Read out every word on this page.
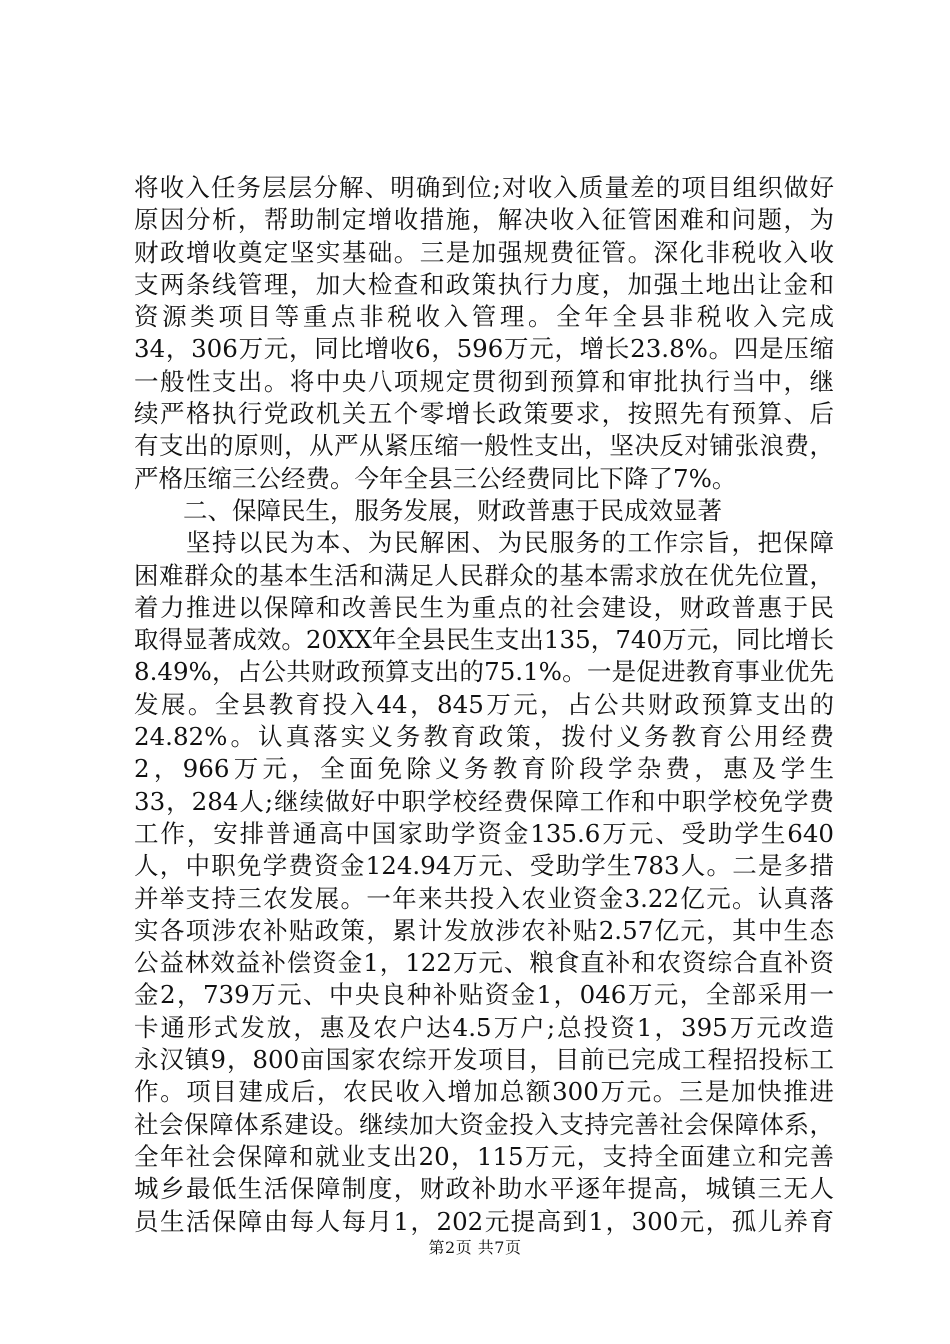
将收入任务层层分解、明确到位;对收入质量差的项目组织做好
原因分析，帮助制定增收措施，解决收入征管困难和问题，为
财政增收奠定坚实基础。三是加强规费征管。深化非税收入收
支两条线管理，加大检查和政策执行力度，加强土地出让金和
资源类项目等重点非税收入管理。全年全县非税收入完成
34，306万元，同比增收6，596万元，增长23.8%。四是压缩
一般性支出。将中央八项规定贯彻到预算和审批执行当中，继
续严格执行党政机关五个零增长政策要求，按照先有预算、后
有支出的原则，从严从紧压缩一般性支出，坚决反对铺张浪费，
严格压缩三公经费。今年全县三公经费同比下降了7%。
　　二、保障民生，服务发展，财政普惠于民成效显著
　　坚持以民为本、为民解困、为民服务的工作宗旨，把保障
困难群众的基本生活和满足人民群众的基本需求放在优先位置，
着力推进以保障和改善民生为重点的社会建设，财政普惠于民
取得显著成效。20XX年全县民生支出135，740万元，同比增长
8.49%，占公共财政预算支出的75.1%。一是促进教育事业优先
发展。全县教育投入44，845万元，占公共财政预算支出的
24.82%。认真落实义务教育政策，拨付义务教育公用经费
2，966万元，全面免除义务教育阶段学杂费，惠及学生
33，284人;继续做好中职学校经费保障工作和中职学校免学费
工作，安排普通高中国家助学资金135.6万元、受助学生640
人，中职免学费资金124.94万元、受助学生783人。二是多措
并举支持三农发展。一年来共投入农业资金3.22亿元。认真落
实各项涉农补贴政策，累计发放涉农补贴2.57亿元，其中生态
公益林效益补偿资金1，122万元、粮食直补和农资综合直补资
金2，739万元、中央良种补贴资金1，046万元，全部采用一
卡通形式发放，惠及农户达4.5万户;总投资1，395万元改造
永汉镇9，800亩国家农综开发项目，目前已完成工程招投标工
作。项目建成后，农民收入增加总额300万元。三是加快推进
社会保障体系建设。继续加大资金投入支持完善社会保障体系，
全年社会保障和就业支出20，115万元，支持全面建立和完善
城乡最低生活保障制度，财政补助水平逐年提高，城镇三无人
员生活保障由每人每月1，202元提高到1，300元，孤儿养育
第2页 共7页
